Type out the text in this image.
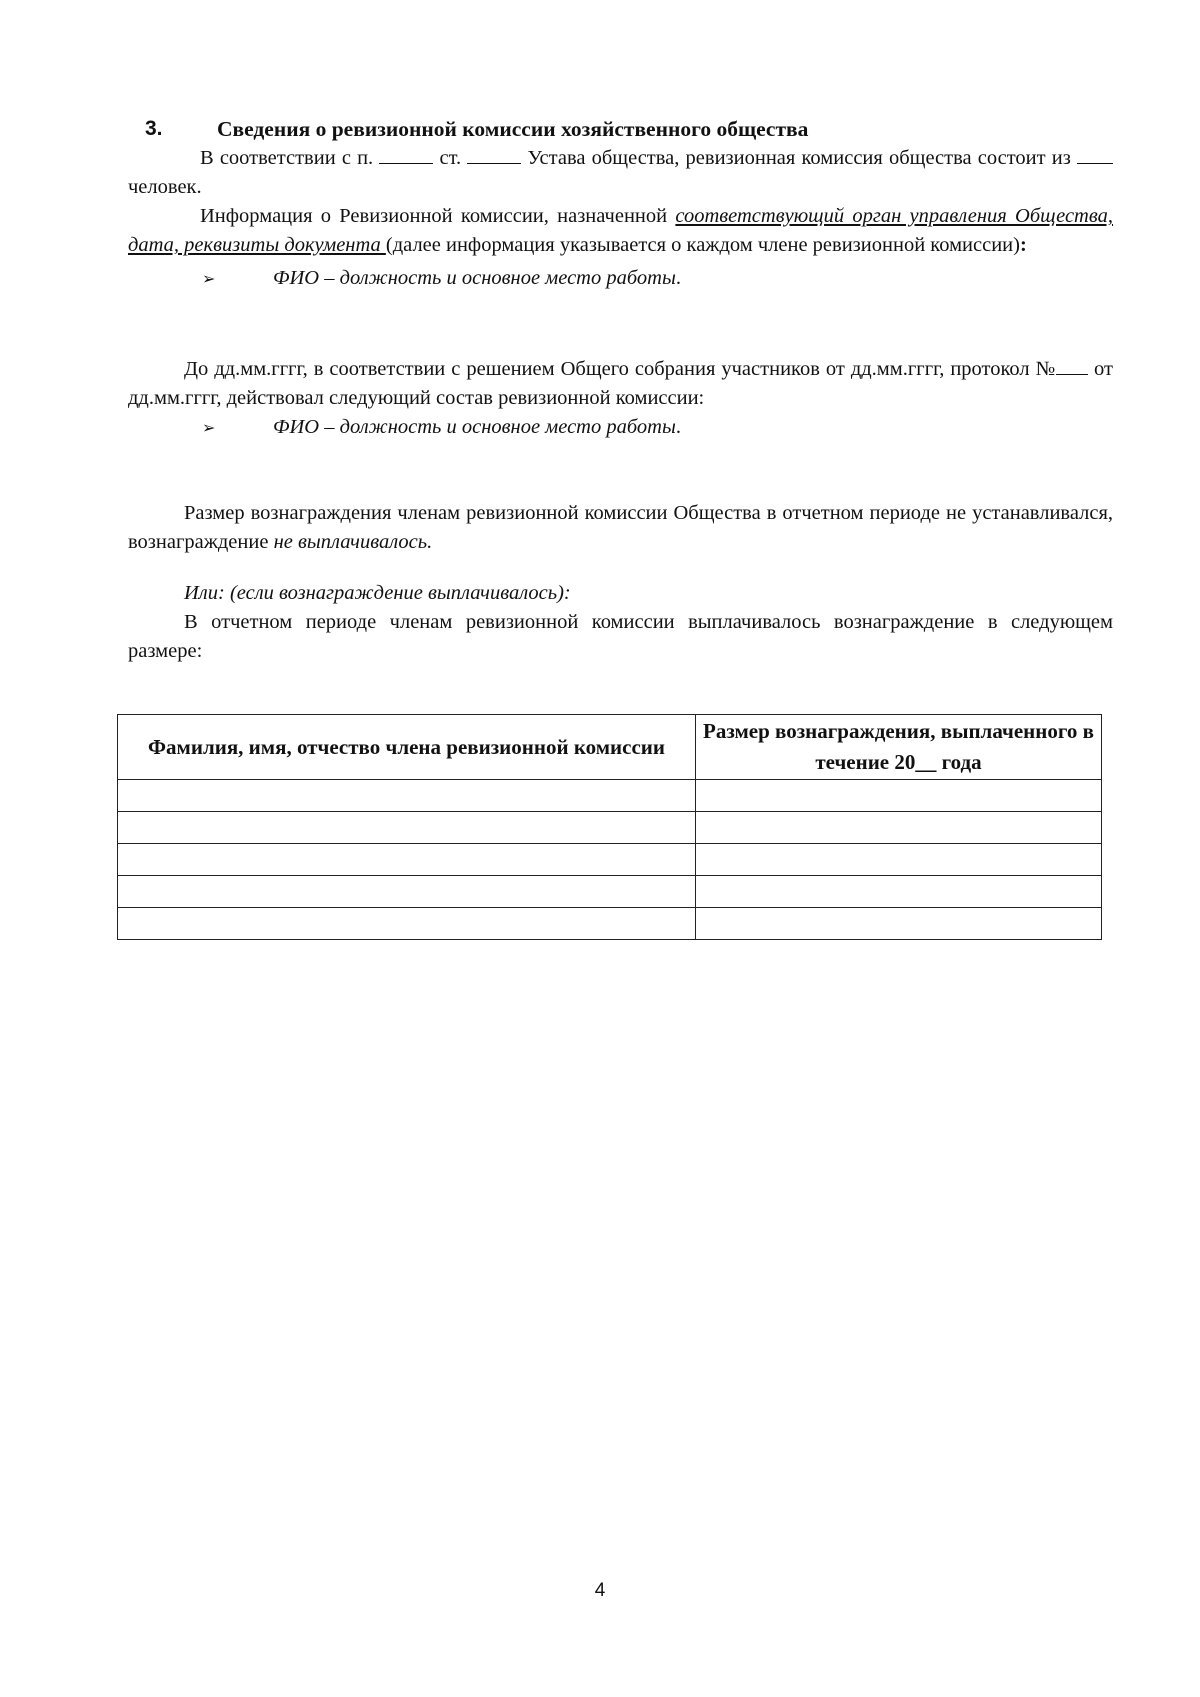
3.	Сведения о ревизионной комиссии хозяйственного общества

В соответствии с п.	ст.	Устава общества, ревизионная комиссия общества состоит из  человек.

Информация о Ревизионной комиссии, назначенной соответствующий орган управления Общества, дата, реквизиты документа (далее информация указывается о каждом члене ревизионной комиссии):

➢	ФИО – должность и основное место работы.

До дд.мм.гггг, в соответствии с решением Общего собрания участников от дд.мм.гггг, протокол № от дд.мм.гггг, действовал следующий состав ревизионной комиссии:

➢	ФИО – должность и основное место работы.

Размер вознаграждения членам ревизионной комиссии Общества в отчетном периоде не устанавливался, вознаграждение не выплачивалось.

Или: (если вознаграждение выплачивалось):

В отчетном периоде членам ревизионной комиссии выплачивалось вознаграждение в следующем размере:

Фамилия, имя, отчество члена ревизионной комиссии	Размер вознаграждения, выплаченного в течение 20__ года

4
